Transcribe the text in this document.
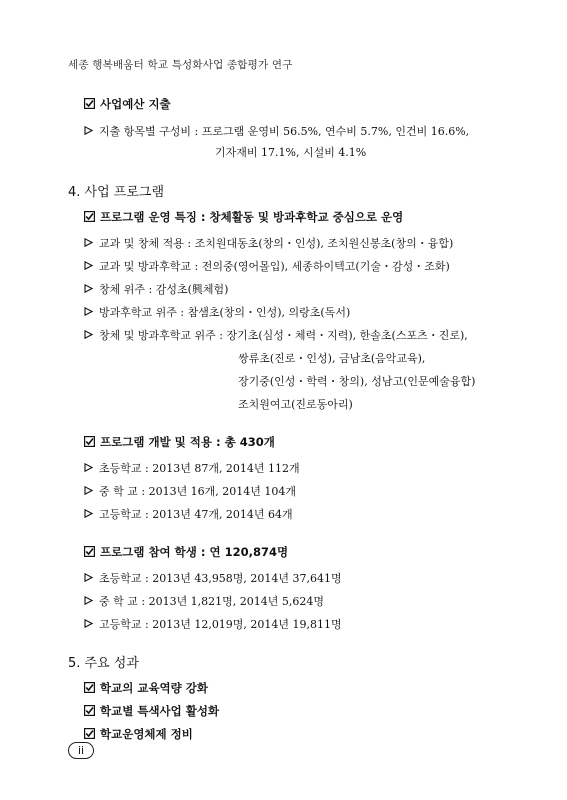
세종 행복배움터 학교 특성화사업 종합평가 연구
사업예산 지출
지출 항목별 구성비 : 프로그램 운영비 56.5%, 연수비 5.7%, 인건비 16.6%,
기자재비 17.1%, 시설비 4.1%
4. 사업 프로그램
프로그램 운영 특징 : 창체활동 및 방과후학교 중심으로 운영
교과 및 창체 적용 : 조치원대동초(창의・인성), 조치원신봉초(창의・융합)
교과 및 방과후학교 : 전의중(영어몰입), 세종하이텍고(기술・감성・조화)
창체 위주 : 감성초(興체험)
방과후학교 위주 : 참샘초(창의・인성), 의랑초(독서)
창체 및 방과후학교 위주 : 장기초(심성・체력・지력), 한솔초(스포츠・진로),
쌍류초(진로・인성), 금남초(음악교육),
장기중(인성・학력・창의), 성남고(인문예술융합)
조치원여고(진로동아리)
프로그램 개발 및 적용 : 총 430개
초등학교 : 2013년 87개, 2014년 112개
중 학 교 : 2013년 16개, 2014년 104개
고등학교 : 2013년 47개, 2014년 64개
프로그램 참여 학생 : 연 120,874명
초등학교 : 2013년 43,958명, 2014년 37,641명
중 학 교 : 2013년 1,821명, 2014년 5,624명
고등학교 : 2013년 12,019명, 2014년 19,811명
5. 주요 성과
학교의 교육역량 강화
학교별 특색사업 활성화
학교운영체제 정비
ii
